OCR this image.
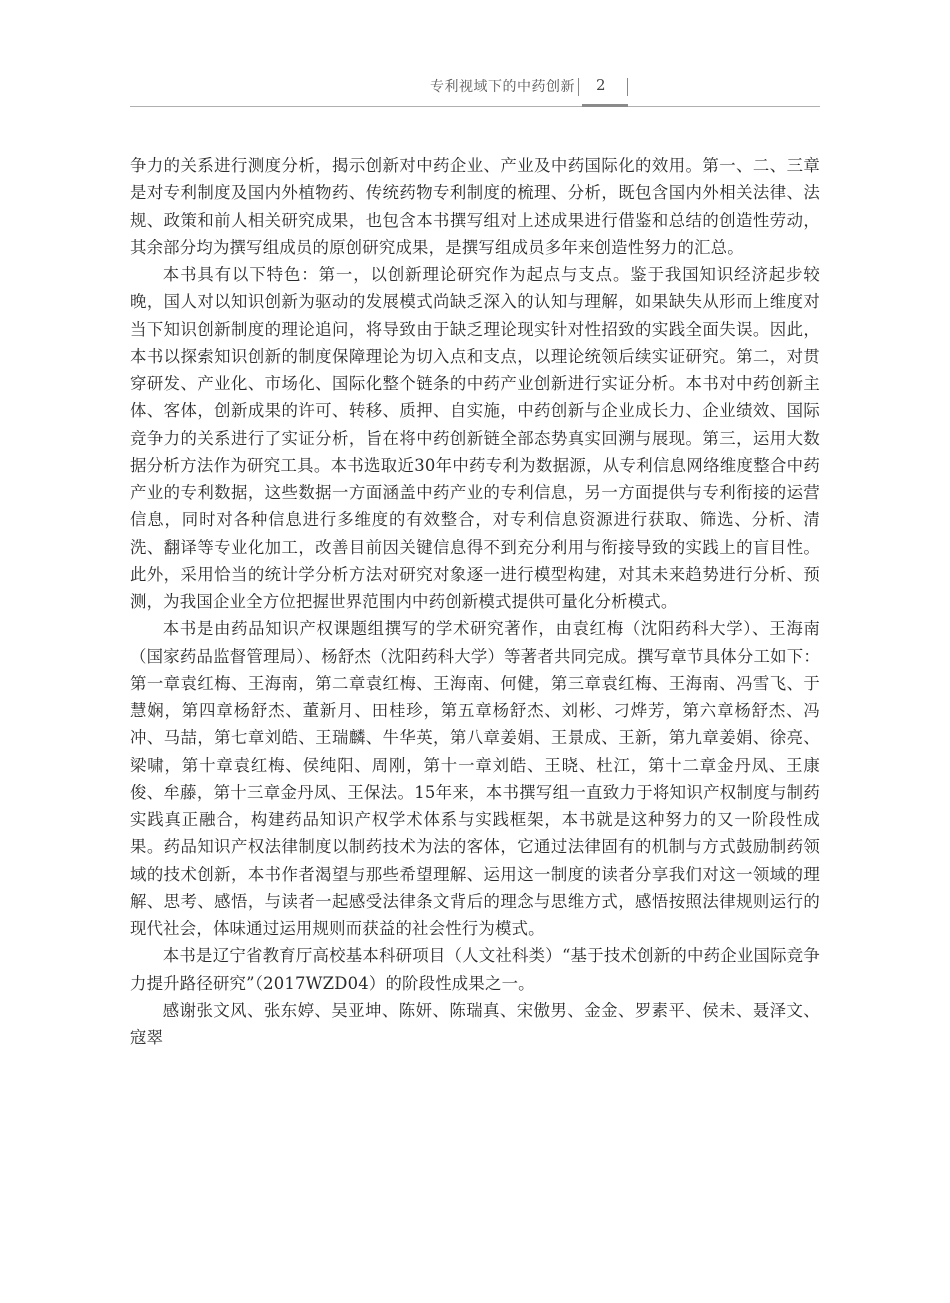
专利视域下的中药创新 2

争力的关系进行测度分析，揭示创新对中药企业、产业及中药国际化的效用。第一、二、三章是对专利制度及国内外植物药、传统药物专利制度的梳理、分析，既包含国内外相关法律、法规、政策和前人相关研究成果，也包含本书撰写组对上述成果进行借鉴和总结的创造性劳动，其余部分均为撰写组成员的原创研究成果，是撰写组成员多年来创造性努力的汇总。

本书具有以下特色：第一，以创新理论研究作为起点与支点。鉴于我国知识经济起步较晚，国人对以知识创新为驱动的发展模式尚缺乏深入的认知与理解，如果缺失从形而上维度对当下知识创新制度的理论追问，将导致由于缺乏理论现实针对性招致的实践全面失误。因此，本书以探索知识创新的制度保障理论为切入点和支点，以理论统领后续实证研究。第二，对贯穿研发、产业化、市场化、国际化整个链条的中药产业创新进行实证分析。本书对中药创新主体、客体，创新成果的许可、转移、质押、自实施，中药创新与企业成长力、企业绩效、国际竞争力的关系进行了实证分析，旨在将中药创新链全部态势真实回溯与展现。第三，运用大数据分析方法作为研究工具。本书选取近30年中药专利为数据源，从专利信息网络维度整合中药产业的专利数据，这些数据一方面涵盖中药产业的专利信息，另一方面提供与专利衔接的运营信息，同时对各种信息进行多维度的有效整合，对专利信息资源进行获取、筛选、分析、清洗、翻译等专业化加工，改善目前因关键信息得不到充分利用与衔接导致的实践上的盲目性。此外，采用恰当的统计学分析方法对研究对象逐一进行模型构建，对其未来趋势进行分析、预测，为我国企业全方位把握世界范围内中药创新模式提供可量化分析模式。

本书是由药品知识产权课题组撰写的学术研究著作，由袁红梅（沈阳药科大学）、王海南（国家药品监督管理局）、杨舒杰（沈阳药科大学）等著者共同完成。撰写章节具体分工如下：第一章袁红梅、王海南，第二章袁红梅、王海南、何健，第三章袁红梅、王海南、冯雪飞、于慧娴，第四章杨舒杰、董新月、田桂珍，第五章杨舒杰、刘彬、刁烨芳，第六章杨舒杰、冯冲、马喆，第七章刘皓、王瑞麟、牛华英，第八章姜娟、王景成、王新，第九章姜娟、徐亮、梁啸，第十章袁红梅、侯纯阳、周刚，第十一章刘皓、王晓、杜江，第十二章金丹凤、王康俊、牟藤，第十三章金丹凤、王保法。15年来，本书撰写组一直致力于将知识产权制度与制药实践真正融合，构建药品知识产权学术体系与实践框架，本书就是这种努力的又一阶段性成果。药品知识产权法律制度以制药技术为法的客体，它通过法律固有的机制与方式鼓励制药领域的技术创新，本书作者渴望与那些希望理解、运用这一制度的读者分享我们对这一领域的理解、思考、感悟，与读者一起感受法律条文背后的理念与思维方式，感悟按照法律规则运行的现代社会，体味通过运用规则而获益的社会性行为模式。

本书是辽宁省教育厅高校基本科研项目（人文社科类）“基于技术创新的中药企业国际竞争力提升路径研究”（2017WZD04）的阶段性成果之一。

感谢张文风、张东婷、吴亚坤、陈妍、陈瑞真、宋傲男、金金、罗素平、侯未、聂泽文、寇翠
